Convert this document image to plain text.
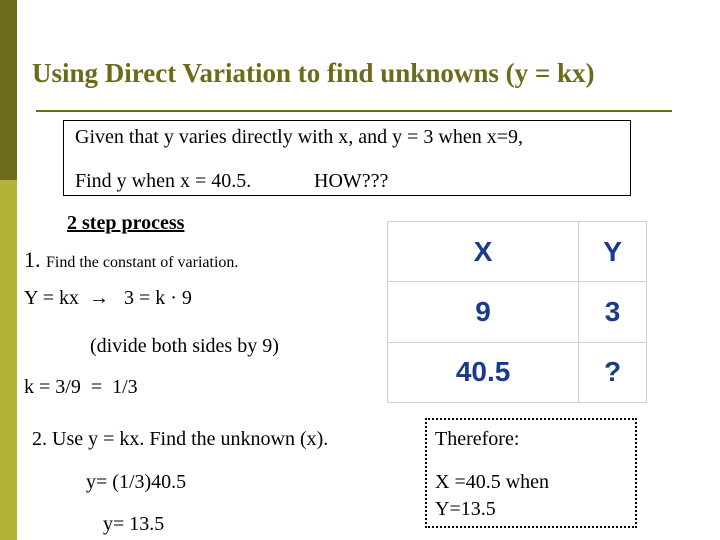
Using Direct Variation to find unknowns (y = kx)
Given that y varies directly with x, and y = 3 when x=9,
Find y when x = 40.5.	HOW???
2 step process
1. Find the constant of variation.
Y = kx  →   3 = k · 9
(divide both sides by 9)
k = 3/9  =  1/3
2. Use y = kx. Find the unknown (x).
y= (1/3)40.5
y= 13.5
X	Y
9	3
40.5	?
Therefore:
X =40.5 when
Y=13.5
